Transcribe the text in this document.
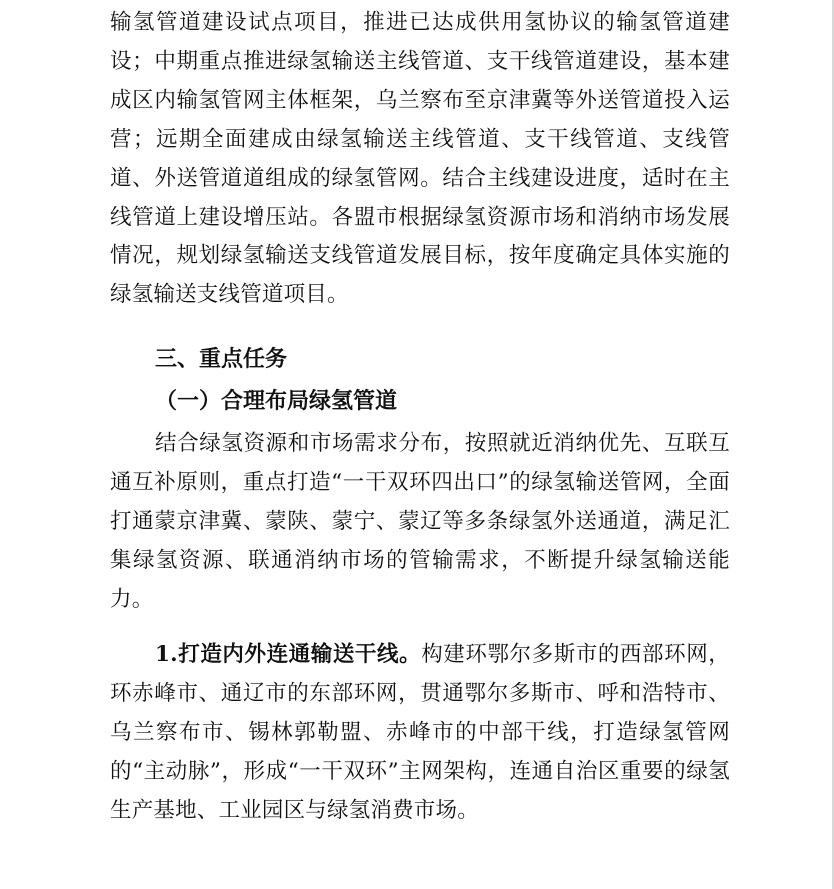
输氢管道建设试点项目，推进已达成供用氢协议的输氢管道建设；中期重点推进绿氢输送主线管道、支干线管道建设，基本建成区内输氢管网主体框架，乌兰察布至京津冀等外送管道投入运营；远期全面建成由绿氢输送主线管道、支干线管道、支线管道、外送管道道组成的绿氢管网。结合主线建设进度，适时在主线管道上建设增压站。各盟市根据绿氢资源市场和消纳市场发展情况，规划绿氢输送支线管道发展目标，按年度确定具体实施的绿氢输送支线管道项目。

三、重点任务

（一）合理布局绿氢管道

结合绿氢资源和市场需求分布，按照就近消纳优先、互联互通互补原则，重点打造“一干双环四出口”的绿氢输送管网，全面打通蒙京津冀、蒙陕、蒙宁、蒙辽等多条绿氢外送通道，满足汇集绿氢资源、联通消纳市场的管输需求，不断提升绿氢输送能力。

1.打造内外连通输送干线。构建环鄂尔多斯市的西部环网，环赤峰市、通辽市的东部环网，贯通鄂尔多斯市、呼和浩特市、乌兰察布市、锡林郭勒盟、赤峰市的中部干线，打造绿氢管网的“主动脉”，形成“一干双环”主网架构，连通自治区重要的绿氢生产基地、工业园区与绿氢消费市场。
